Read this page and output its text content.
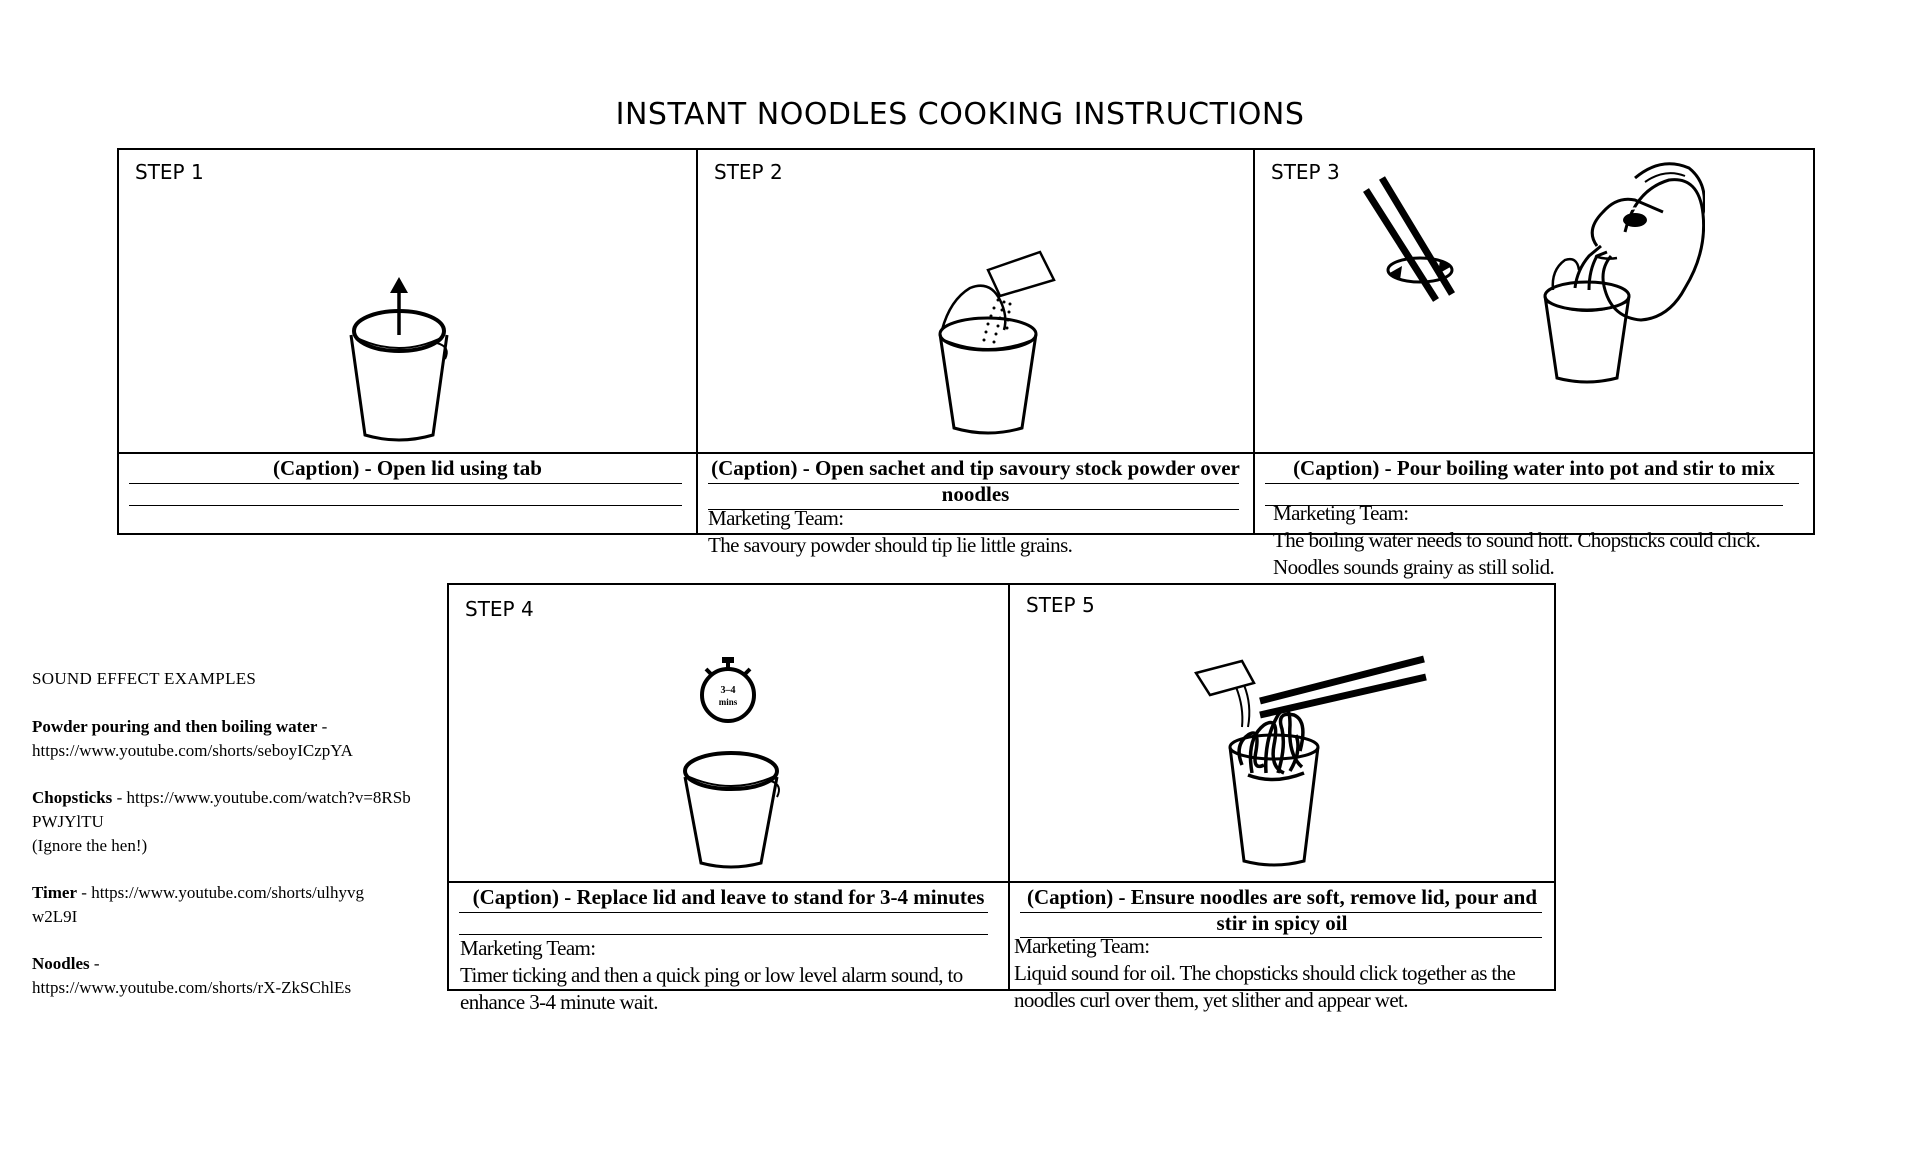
INSTANT NOODLES COOKING INSTRUCTIONS
STEP 1
(Caption) - Open lid using tab
STEP 2
(Caption) - Open sachet and tip savoury stock powder over noodles
Marketing Team:
The savoury powder should tip lie little grains.
STEP 3
(Caption) - Pour boiling water into pot and stir to mix
Marketing Team:
The boiling water needs to sound hott. Chopsticks could click. Noodles sounds grainy as still solid.
STEP 4
3–4
mins
(Caption) - Replace lid and leave to stand for 3-4 minutes
Marketing Team:
Timer ticking and then a quick ping or low level alarm sound, to enhance 3-4 minute wait.
STEP 5
(Caption) - Ensure noodles are soft, remove lid, pour and stir in spicy oil
Marketing Team:
Liquid sound for oil. The chopsticks should click together as the noodles curl over them, yet slither and appear wet.
SOUND EFFECT EXAMPLES
Powder pouring and then boiling water -
https://www.youtube.com/shorts/seboyICzpYA
Chopsticks - https://www.youtube.com/watch?v=8RSbPWJYlTU
(Ignore the hen!)
Timer - https://www.youtube.com/shorts/ulhyvgw2L9I
Noodles -
https://www.youtube.com/shorts/rX-ZkSChlEs
